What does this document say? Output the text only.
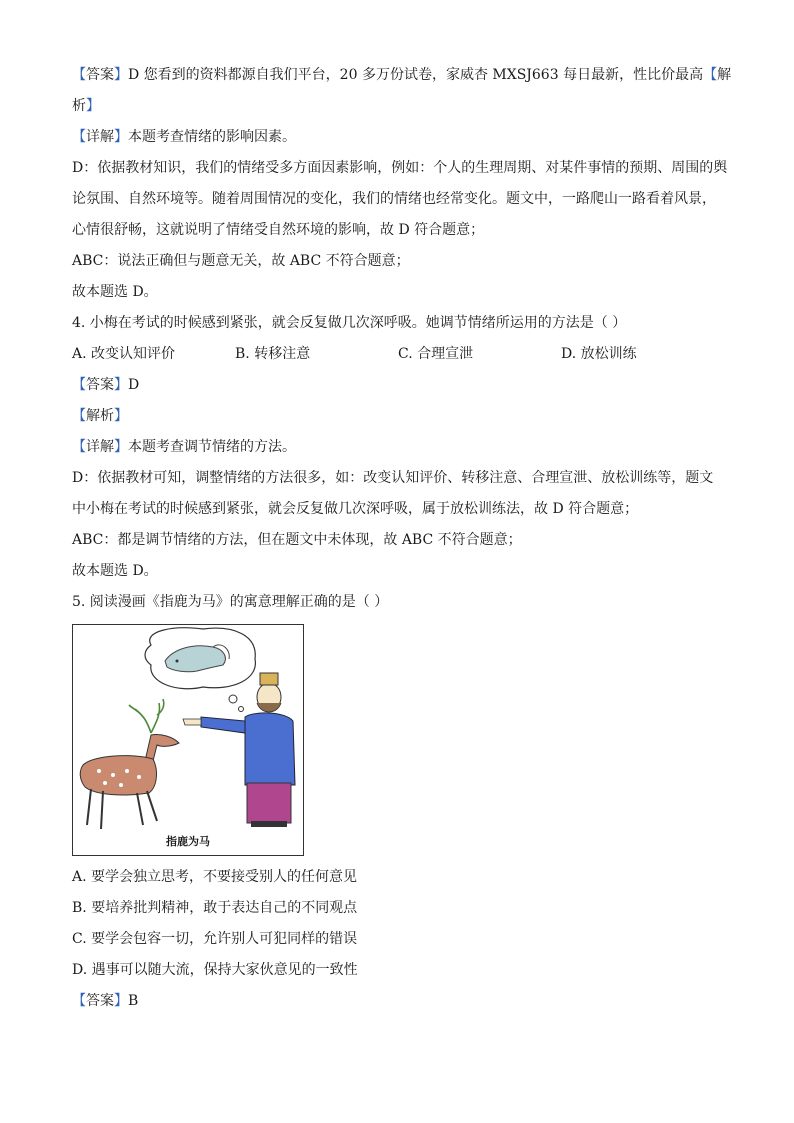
【答案】D 您看到的资料都源自我们平台，20 多万份试卷，家威杏 MXSJ663 每日最新，性比价最高【解

析】

【详解】本题考查情绪的影响因素。

D：依据教材知识，我们的情绪受多方面因素影响，例如：个人的生理周期、对某件事情的预期、周围的舆

论氛围、自然环境等。随着周围情况的变化，我们的情绪也经常变化。题文中，一路爬山一路看着风景，

心情很舒畅，这就说明了情绪受自然环境的影响，故 D 符合题意；

ABC：说法正确但与题意无关，故 ABC 不符合题意；

故本题选 D。

4. 小梅在考试的时候感到紧张，就会反复做几次深呼吸。她调节情绪所运用的方法是（ ）

A. 改变认知评价	B. 转移注意	C. 合理宣泄	D. 放松训练

【答案】D

【解析】

【详解】本题考查调节情绪的方法。

D：依据教材可知，调整情绪的方法很多，如：改变认知评价、转移注意、合理宣泄、放松训练等，题文

中小梅在考试的时候感到紧张，就会反复做几次深呼吸，属于放松训练法，故 D 符合题意；

ABC：都是调节情绪的方法，但在题文中未体现，故 ABC 不符合题意；

故本题选 D。

5. 阅读漫画《指鹿为马》的寓意理解正确的是（ ）

指鹿为马

A. 要学会独立思考，不要接受别人的任何意见

B. 要培养批判精神，敢于表达自己的不同观点

C. 要学会包容一切，允许别人可犯同样的错误

D. 遇事可以随大流，保持大家伙意见的一致性

【答案】B
